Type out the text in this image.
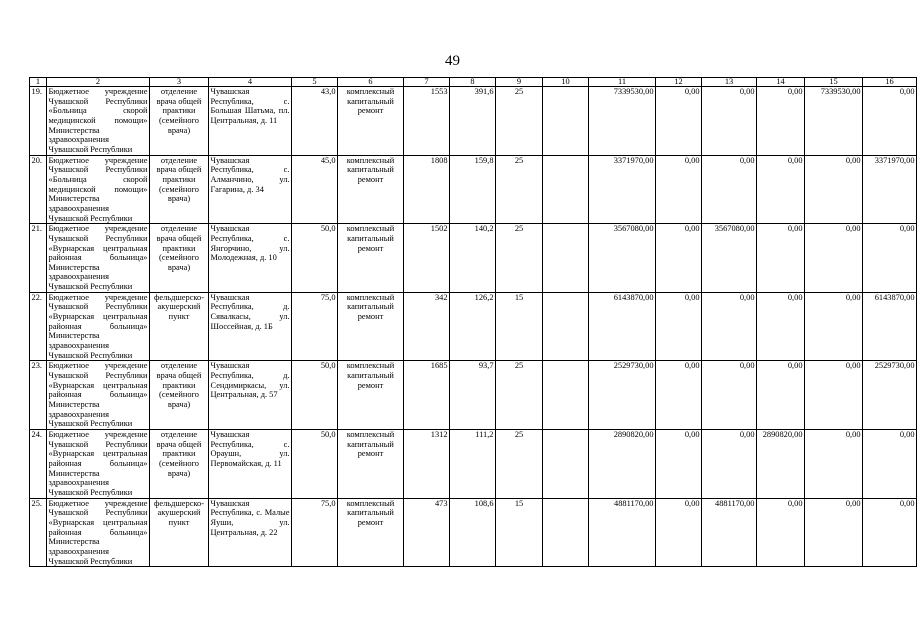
49
1	2	3	4	5	6	7	8	9	10	11	12	13	14	15	16
19.	Бюджетное учреждение Чувашской Республики «Больница скорой медицинской помощи» Министерства здравоохранения Чувашской Республики	отделение врача общей практики (семейного врача)	Чувашская Республика, с. Большая Шатьма, пл. Центральная, д. 11	43,0	комплексный капитальный ремонт	1553	391,6	25		7339530,00	0,00	0,00	0,00	7339530,00	0,00
20.	Бюджетное учреждение Чувашской Республики «Больница скорой медицинской помощи» Министерства здравоохранения Чувашской Республики	отделение врача общей практики (семейного врача)	Чувашская Республика, с. Алманчино, ул. Гагарина, д. 34	45,0	комплексный капитальный ремонт	1808	159,8	25		3371970,00	0,00	0,00	0,00	0,00	3371970,00
21.	Бюджетное учреждение Чувашской Республики «Вурнарская центральная районная больница» Министерства здравоохранения Чувашской Республики	отделение врача общей практики (семейного врача)	Чувашская Республика, с. Янгорчино, ул. Молодежная, д. 10	50,0	комплексный капитальный ремонт	1502	140,2	25		3567080,00	0,00	3567080,00	0,00	0,00	0,00
22.	Бюджетное учреждение Чувашской Республики «Вурнарская центральная районная больница» Министерства здравоохранения Чувашской Республики	фельдшерско-акушерский пункт	Чувашская Республика, д. Сявалкасы, ул. Шоссейная, д. 1Б	75,0	комплексный капитальный ремонт	342	126,2	15		6143870,00	0,00	0,00	0,00	0,00	6143870,00
23.	Бюджетное учреждение Чувашской Республики «Вурнарская центральная районная больница» Министерства здравоохранения Чувашской Республики	отделение врача общей практики (семейного врача)	Чувашская Республика, д. Сендимиркасы, ул. Центральная, д. 57	50,0	комплексный капитальный ремонт	1685	93,7	25		2529730,00	0,00	0,00	0,00	0,00	2529730,00
24.	Бюджетное учреждение Чувашской Республики «Вурнарская центральная районная больница» Министерства здравоохранения Чувашской Республики	отделение врача общей практики (семейного врача)	Чувашская Республика, с. Ораушн, ул. Первомайская, д. 11	50,0	комплексный капитальный ремонт	1312	111,2	25		2890820,00	0,00	0,00	2890820,00	0,00	0,00
25.	Бюджетное учреждение Чувашской Республики «Вурнарская центральная районная больница» Министерства здравоохранения Чувашской Республики	фельдшерско-акушерский пункт	Чувашская Республика, с. Малые Яуши, ул. Центральная, д. 22	75,0	комплексный капитальный ремонт	473	108,6	15		4881170,00	0,00	4881170,00	0,00	0,00	0,00
